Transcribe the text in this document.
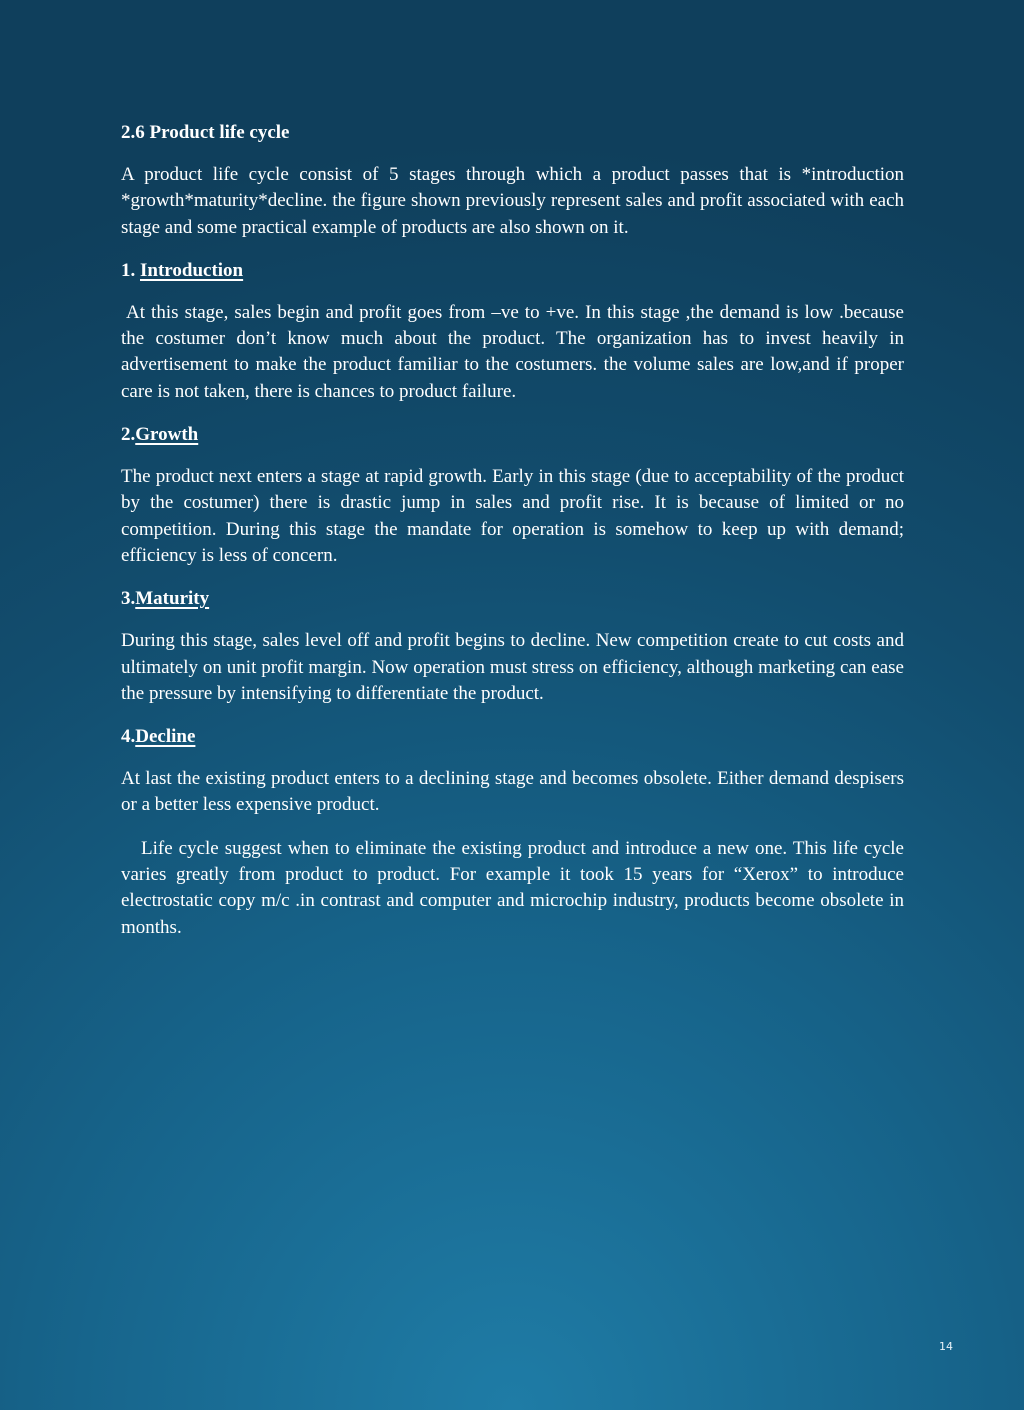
2.6 Product life cycle

A product life cycle consist of 5 stages through which a product passes that is *introduction *growth*maturity*decline. the figure shown previously represent sales and profit associated with each stage and some practical example of products are also shown on it.

1. Introduction

At this stage, sales begin and profit goes from –ve to +ve. In this stage ,the demand is low .because the costumer don’t know much about the product. The organization has to invest heavily in advertisement to make the product familiar to the costumers. the volume sales are low,and if proper care is not taken, there is chances to product failure.

2.Growth

The product next enters a stage at rapid growth. Early in this stage (due to acceptability of the product by the costumer) there is drastic jump in sales and profit rise. It is because of limited or no competition. During this stage the mandate for operation is somehow to keep up with demand; efficiency is less of concern.

3.Maturity

During this stage, sales level off and profit begins to decline. New competition create to cut costs and ultimately on unit profit margin. Now operation must stress on efficiency, although marketing can ease the pressure by intensifying to differentiate the product.

4.Decline

At last the existing product enters to a declining stage and becomes obsolete. Either demand despisers or a better less expensive product.

Life cycle suggest when to eliminate the existing product and introduce a new one. This life cycle varies greatly from product to product. For example it took 15 years for “Xerox” to introduce electrostatic copy m/c .in contrast and computer and microchip industry, products become obsolete in months.

14
